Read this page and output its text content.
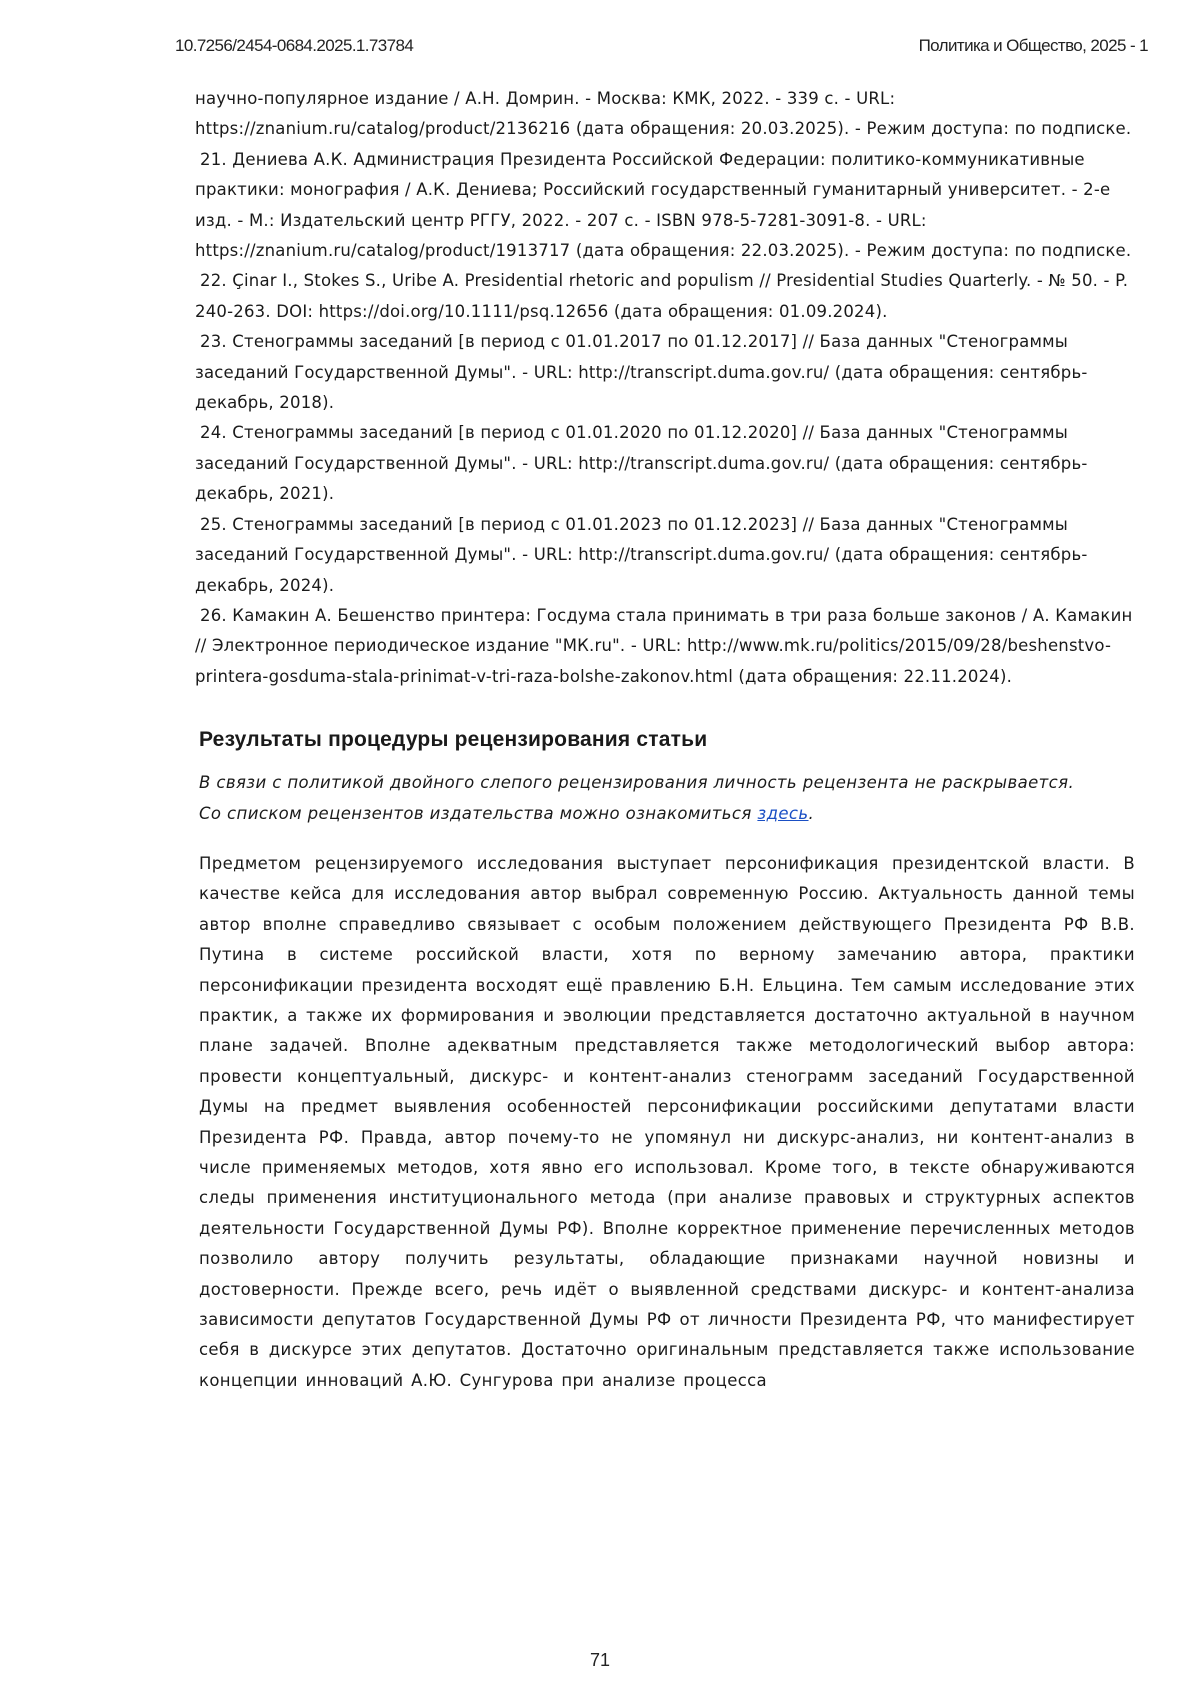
10.7256/2454-0684.2025.1.73784	Политика и Общество, 2025 - 1

научно-популярное издание / А.Н. Домрин. - Москва: КМК, 2022. - 339 с. - URL: https://znanium.ru/catalog/product/2136216 (дата обращения: 20.03.2025). - Режим доступа: по подписке.

21. Дениева А.К. Администрация Президента Российской Федерации: политико-коммуникативные практики: монография / А.К. Дениева; Российский государственный гуманитарный университет. - 2-е изд. - М.: Издательский центр РГГУ, 2022. - 207 с. - ISBN 978-5-7281-3091-8. - URL: https://znanium.ru/catalog/product/1913717 (дата обращения: 22.03.2025). - Режим доступа: по подписке.

22. Çinar I., Stokes S., Uribe A. Presidential rhetoric and populism // Presidential Studies Quarterly. - № 50. - P. 240-263. DOI: https://doi.org/10.1111/psq.12656 (дата обращения: 01.09.2024).

23. Стенограммы заседаний [в период с 01.01.2017 по 01.12.2017] // База данных "Стенограммы заседаний Государственной Думы". - URL: http://transcript.duma.gov.ru/ (дата обращения: сентябрь-декабрь, 2018).

24. Стенограммы заседаний [в период с 01.01.2020 по 01.12.2020] // База данных "Стенограммы заседаний Государственной Думы". - URL: http://transcript.duma.gov.ru/ (дата обращения: сентябрь-декабрь, 2021).

25. Стенограммы заседаний [в период с 01.01.2023 по 01.12.2023] // База данных "Стенограммы заседаний Государственной Думы". - URL: http://transcript.duma.gov.ru/ (дата обращения: сентябрь-декабрь, 2024).

26. Камакин А. Бешенство принтера: Госдума стала принимать в три раза больше законов / А. Камакин // Электронное периодическое издание "МК.ru". - URL: http://www.mk.ru/politics/2015/09/28/beshenstvo-printera-gosduma-stala-prinimat-v-tri-raza-bolshe-zakonov.html (дата обращения: 22.11.2024).

Результаты процедуры рецензирования статьи

В связи с политикой двойного слепого рецензирования личность рецензента не раскрывается.

Со списком рецензентов издательства можно ознакомиться здесь.

Предметом рецензируемого исследования выступает персонификация президентской власти. В качестве кейса для исследования автор выбрал современную Россию. Актуальность данной темы автор вполне справедливо связывает с особым положением действующего Президента РФ В.В. Путина в системе российской власти, хотя по верному замечанию автора, практики персонификации президента восходят ещё правлению Б.Н. Ельцина. Тем самым исследование этих практик, а также их формирования и эволюции представляется достаточно актуальной в научном плане задачей. Вполне адекватным представляется также методологический выбор автора: провести концептуальный, дискурс- и контент-анализ стенограмм заседаний Государственной Думы на предмет выявления особенностей персонификации российскими депутатами власти Президента РФ. Правда, автор почему-то не упомянул ни дискурс-анализ, ни контент-анализ в числе применяемых методов, хотя явно его использовал. Кроме того, в тексте обнаруживаются следы применения институционального метода (при анализе правовых и структурных аспектов деятельности Государственной Думы РФ). Вполне корректное применение перечисленных методов позволило автору получить результаты, обладающие признаками научной новизны и достоверности. Прежде всего, речь идёт о выявленной средствами дискурс- и контент-анализа зависимости депутатов Государственной Думы РФ от личности Президента РФ, что манифестирует себя в дискурсе этих депутатов. Достаточно оригинальным представляется также использование концепции инноваций А.Ю. Сунгурова при анализе процесса

71
